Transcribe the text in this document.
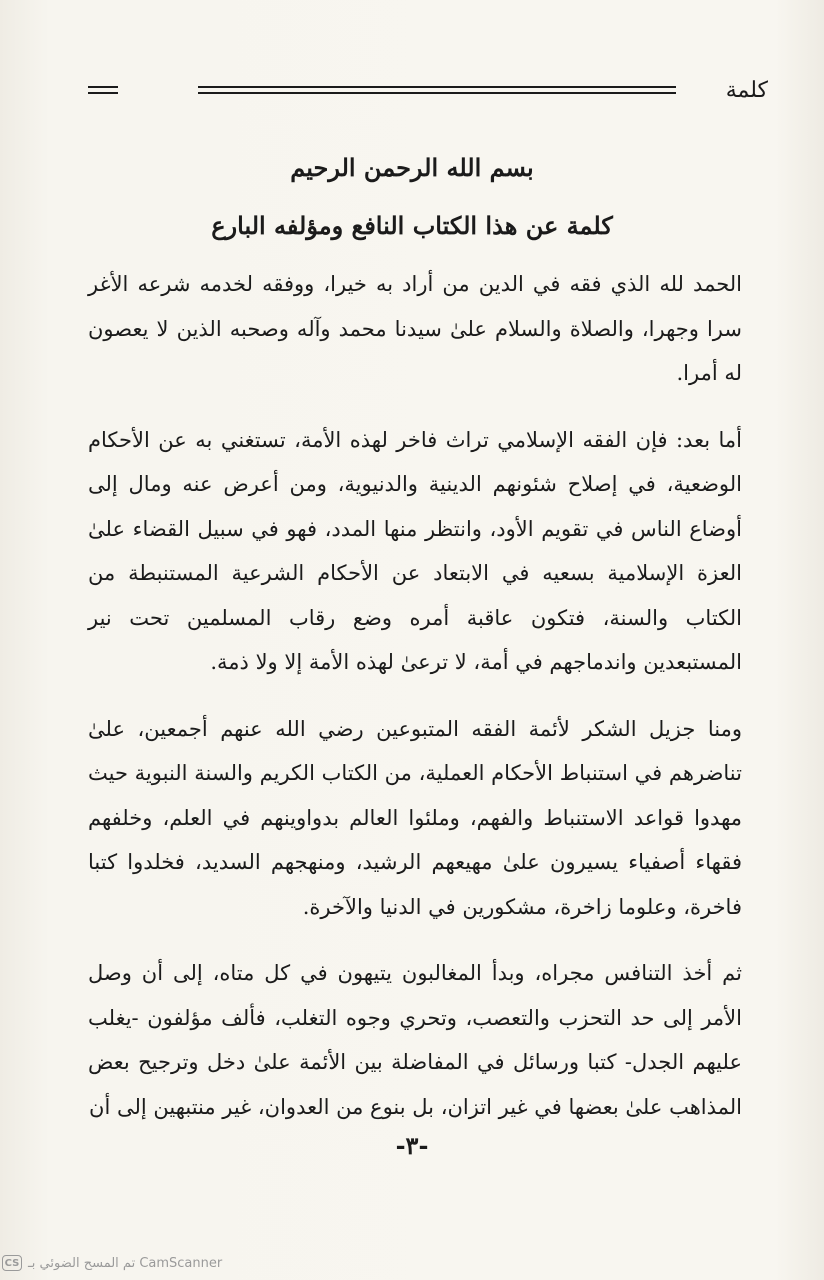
كلمة
بسم الله الرحمن الرحيم
كلمة عن هذا الكتاب النافع ومؤلفه البارع

الحمد لله الذي فقه في الدين من أراد به خيرا، ووفقه لخدمه شرعه الأغر سرا وجهرا، والصلاة والسلام علىٰ سيدنا محمد وآله وصحبه الذين لا يعصون له أمرا.

أما بعد: فإن الفقه الإسلامي تراث فاخر لهذه الأمة، تستغني به عن الأحكام الوضعية، في إصلاح شئونهم الدينية والدنيوية، ومن أعرض عنه ومال إلى أوضاع الناس في تقويم الأود، وانتظر منها المدد، فهو في سبيل القضاء علىٰ العزة الإسلامية بسعيه في الابتعاد عن الأحكام الشرعية المستنبطة من الكتاب والسنة، فتكون عاقبة أمره وضع رقاب المسلمين تحت نير المستبعدين واندماجهم في أمة، لا ترعىٰ لهذه الأمة إلا ولا ذمة.

ومنا جزيل الشكر لأئمة الفقه المتبوعين رضي الله عنهم أجمعين، علىٰ تناضرهم في استنباط الأحكام العملية، من الكتاب الكريم والسنة النبوية حيث مهدوا قواعد الاستنباط والفهم، وملئوا العالم بدواوينهم في العلم، وخلفهم فقهاء أصفياء يسيرون علىٰ مهيعهم الرشيد، ومنهجهم السديد، فخلدوا كتبا فاخرة، وعلوما زاخرة، مشكورين في الدنيا والآخرة.

ثم أخذ التنافس مجراه، وبدأ المغالبون يتيهون في كل متاه، إلى أن وصل الأمر إلى حد التحزب والتعصب، وتحري وجوه التغلب، فألف مؤلفون -يغلب عليهم الجدل- كتبا ورسائل في المفاضلة بين الأئمة علىٰ دخل وترجيح بعض المذاهب علىٰ بعضها في غير اتزان، بل بنوع من العدوان، غير منتبهين إلى أن

-٣-
CS تم المسح الضوئي بـ CamScanner
